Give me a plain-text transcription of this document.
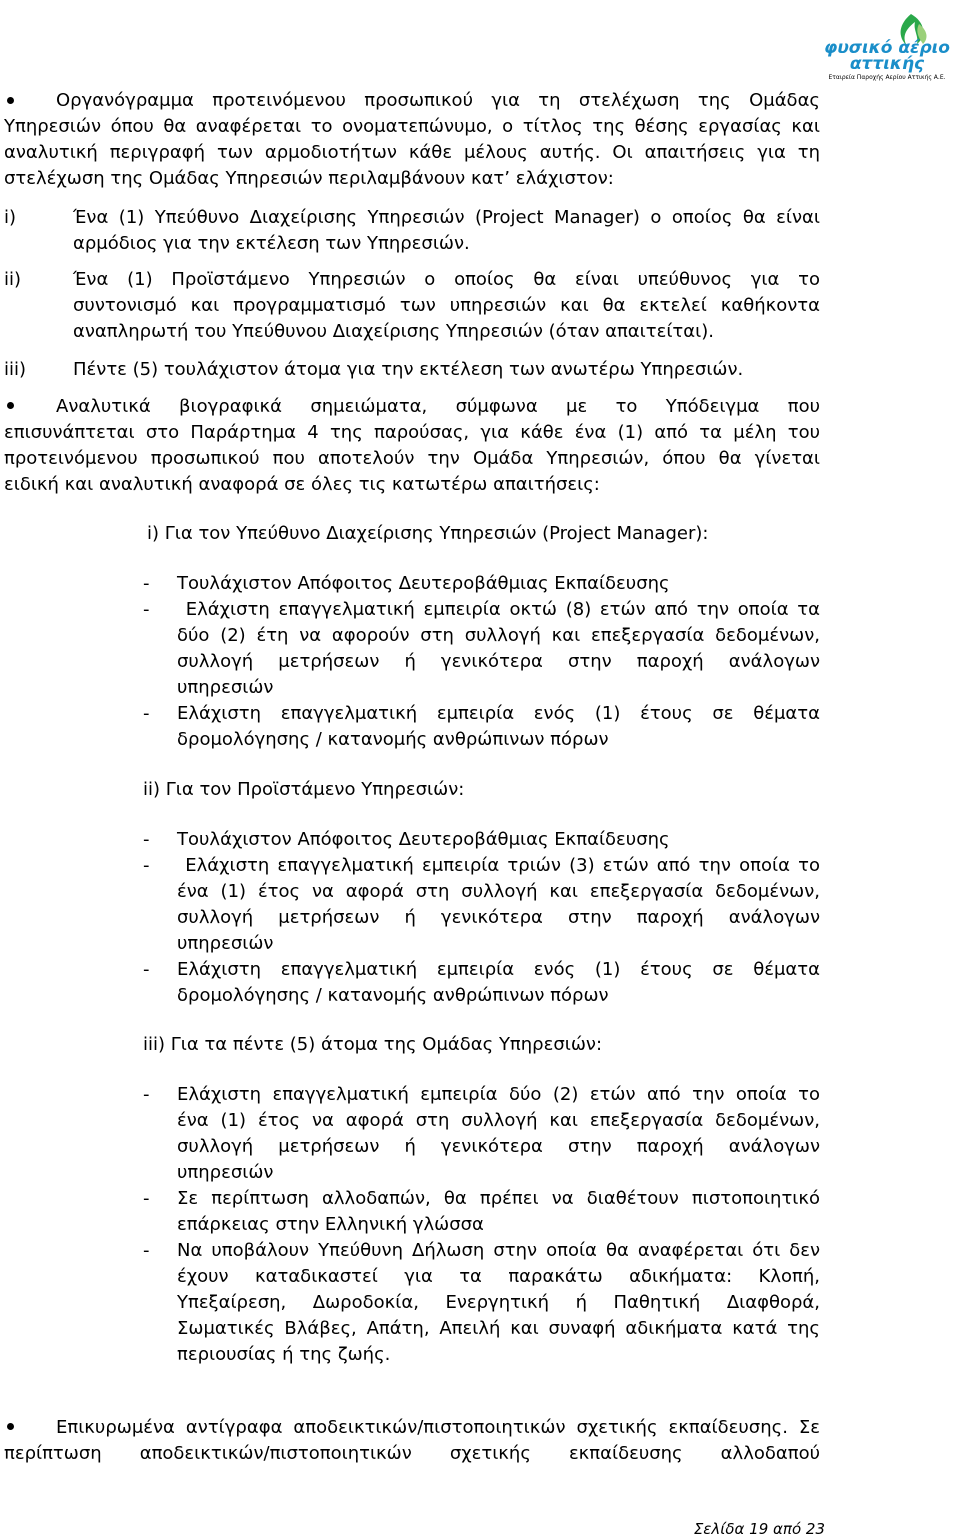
φυσικό αέριο αττικής
Εταιρεία Παροχής Αερίου Αττικής Α.Ε.
Οργανόγραμμα προτεινόμενου προσωπικού για τη στελέχωση της Ομάδας
Υπηρεσιών όπου θα αναφέρεται το ονοματεπώνυμο, ο τίτλος της θέσης εργασίας και
αναλυτική περιγραφή των αρμοδιοτήτων κάθε μέλους αυτής. Οι απαιτήσεις για τη
στελέχωση της Ομάδας Υπηρεσιών περιλαμβάνουν κατ’ ελάχιστον:
i)	Ένα (1) Υπεύθυνο Διαχείρισης Υπηρεσιών (Project Manager) ο οποίος θα είναι
αρμόδιος για την εκτέλεση των Υπηρεσιών.
ii)	Ένα (1) Προϊστάμενο Υπηρεσιών ο οποίος θα είναι υπεύθυνος για το
συντονισμό και προγραμματισμό των υπηρεσιών και θα εκτελεί καθήκοντα
αναπληρωτή του Υπεύθυνου Διαχείρισης Υπηρεσιών (όταν απαιτείται).
iii)	Πέντε (5) τουλάχιστον άτομα για την εκτέλεση των ανωτέρω Υπηρεσιών.
Αναλυτικά βιογραφικά σημειώματα, σύμφωνα με το Υπόδειγμα που
επισυνάπτεται στο Παράρτημα 4 της παρούσας, για κάθε ένα (1) από τα μέλη του
προτεινόμενου προσωπικού που αποτελούν την Ομάδα Υπηρεσιών, όπου θα γίνεται
ειδική και αναλυτική αναφορά σε όλες τις κατωτέρω απαιτήσεις:
i) Για τον Υπεύθυνο Διαχείρισης Υπηρεσιών (Project Manager):
- Τουλάχιστον Απόφοιτος Δευτεροβάθμιας Εκπαίδευσης
- Ελάχιστη επαγγελματική εμπειρία οκτώ (8) ετών από την οποία τα
δύο (2) έτη να αφορούν στη συλλογή και επεξεργασία δεδομένων,
συλλογή μετρήσεων ή γενικότερα στην παροχή ανάλογων
υπηρεσιών
- Ελάχιστη επαγγελματική εμπειρία ενός (1) έτους σε θέματα
δρομολόγησης / κατανομής ανθρώπινων πόρων
ii) Για τον Προϊστάμενο Υπηρεσιών:
- Τουλάχιστον Απόφοιτος Δευτεροβάθμιας Εκπαίδευσης
- Ελάχιστη επαγγελματική εμπειρία τριών (3) ετών από την οποία το
ένα (1) έτος να αφορά στη συλλογή και επεξεργασία δεδομένων,
συλλογή μετρήσεων ή γενικότερα στην παροχή ανάλογων
υπηρεσιών
- Ελάχιστη επαγγελματική εμπειρία ενός (1) έτους σε θέματα
δρομολόγησης / κατανομής ανθρώπινων πόρων
iii) Για τα πέντε (5) άτομα της Ομάδας Υπηρεσιών:
- Ελάχιστη επαγγελματική εμπειρία δύο (2) ετών από την οποία το
ένα (1) έτος να αφορά στη συλλογή και επεξεργασία δεδομένων,
συλλογή μετρήσεων ή γενικότερα στην παροχή ανάλογων
υπηρεσιών
- Σε περίπτωση αλλοδαπών, θα πρέπει να διαθέτουν πιστοποιητικό
επάρκειας στην Ελληνική γλώσσα
- Να υποβάλουν Υπεύθυνη Δήλωση στην οποία θα αναφέρεται ότι δεν
έχουν καταδικαστεί για τα παρακάτω αδικήματα: Κλοπή,
Υπεξαίρεση, Δωροδοκία, Ενεργητική ή Παθητική Διαφθορά,
Σωματικές Βλάβες, Απάτη, Απειλή και συναφή αδικήματα κατά της
περιουσίας ή της ζωής.
Επικυρωμένα αντίγραφα αποδεικτικών/πιστοποιητικών σχετικής εκπαίδευσης. Σε
περίπτωση αποδεικτικών/πιστοποιητικών σχετικής εκπαίδευσης αλλοδαπού
Σελίδα 19 από 23
